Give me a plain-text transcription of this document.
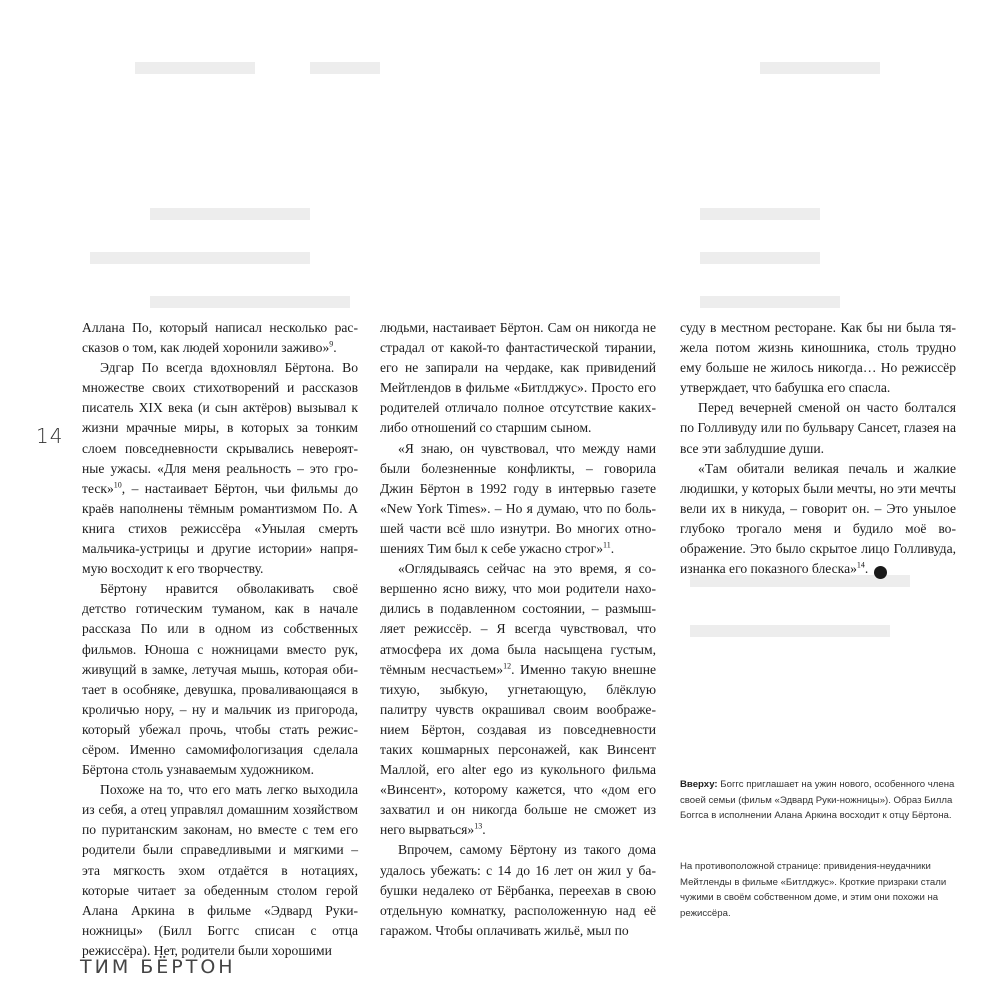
14

Аллана По, который написал несколько рассказов о том, как людей хоронили заживо»$^9$.

Эдгар По всегда вдохновлял Бёртона. Во множестве своих стихотворений и рассказов писатель XIX века (и сын актёров) вызывал к жизни мрачные миры, в которых за тонким слоем повседневности скрывались невероятные ужасы. «Для меня реальность – это гротеск»$^{10}$, – настаивает Бёртон, чьи фильмы до краёв наполнены тёмным романтизмом По. А книга стихов режиссёра «Унылая смерть мальчика-устрицы и другие истории» напрямую восходит к его творчеству.

Бёртону нравится обволакивать своё детство готическим туманом, как в начале рассказа По или в одном из собственных фильмов. Юноша с ножницами вместо рук, живущий в замке, летучая мышь, которая обитает в особняке, девушка, проваливающаяся в кроличью нору, – ну и мальчик из пригорода, который убежал прочь, чтобы стать режиссёром. Именно самомифологизация сделала Бёртона столь узнаваемым художником.

Похоже на то, что его мать легко выходила из себя, а отец управлял домашним хозяйством по пуританским законам, но вместе с тем его родители были справедливыми и мягкими – эта мягкость эхом отдаётся в нотациях, которые читает за обеденным столом герой Алана Аркина в фильме «Эдвард Руки-ножницы» (Билл Боггс списан с отца режиссёра). Нет, родители были хорошими

людьми, настаивает Бёртон. Сам он никогда не страдал от какой-то фантастической тирании, его не запирали на чердаке, как привидений Мейтлендов в фильме «Битлджус». Просто его родителей отличало полное отсутствие каких-либо отношений со старшим сыном.

«Я знаю, он чувствовал, что между нами были болезненные конфликты, – говорила Джин Бёртон в 1992 году в интервью газете «New York Times». – Но я думаю, что по большей части всё шло изнутри. Во многих отношениях Тим был к себе ужасно строг»$^{11}$.

«Оглядываясь сейчас на это время, я совершенно ясно вижу, что мои родители находились в подавленном состоянии, – размышляет режиссёр. – Я всегда чувствовал, что атмосфера их дома была насыщена густым, тёмным несчастьем»$^{12}$. Именно такую внешне тихую, зыбкую, угнетающую, блёклую палитру чувств окрашивал своим воображением Бёртон, создавая из повседневности таких кошмарных персонажей, как Винсент Маллой, его alter ego из кукольного фильма «Винсент», которому кажется, что «дом его захватил и он никогда больше не сможет из него вырваться»$^{13}$.

Впрочем, самому Бёртону из такого дома удалось убежать: с 14 до 16 лет он жил у бабушки недалеко от Бёрбанка, переехав в свою отдельную комнатку, расположенную над её гаражом. Чтобы оплачивать жильё, мыл по

суду в местном ресторане. Как бы ни была тяжела потом жизнь киношника, столь трудно ему больше не жилось никогда… Но режиссёр утверждает, что бабушка его спасла.

Перед вечерней сменой он часто болтался по Голливуду или по бульвару Сансет, глазея на все эти заблудшие души.

«Там обитали великая печаль и жалкие людишки, у которых были мечты, но эти мечты вели их в никуда, – говорит он. – Это унылое глубоко трогало меня и будило моё воображение. Это было скрытое лицо Голливуда, изнанка его показного блеска»$^{14}$. ✪

Вверху: Боггс приглашает на ужин нового, особенного члена своей семьи (фильм «Эдвард Руки-ножницы»). Образ Билла Боггса в исполнении Алана Аркина восходит к отцу Бёртона.
На противоположной странице: привидения-неудачники Мейтленды в фильме «Битлджус». Кроткие призраки стали чужими в своём собственном доме, и этим они похожи на режиссёра.
ТИМ БЁРТОН
